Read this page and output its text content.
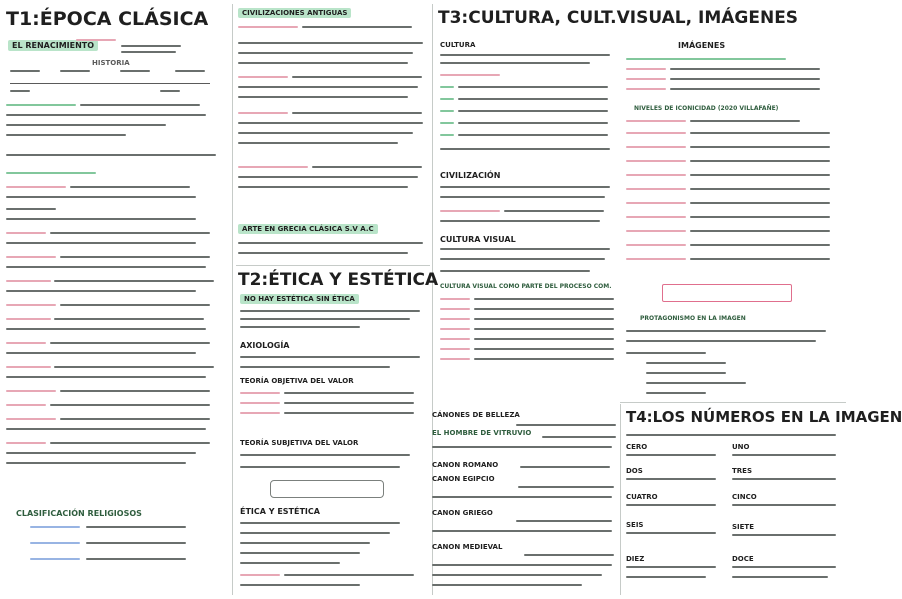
T1:ÉPOCA CLÁSICA
EL RENACIMIENTO
HISTORIA
CLASIFICACIÓN RELIGIOSOS
CIVILIZACIONES ANTIGUAS
ARTE EN GRECIA CLÁSICA S.V A.C
T2:ÉTICA Y ESTÉTICA
NO HAY ESTÉTICA SIN ÉTICA
AXIOLOGÍA
TEORÍA OBJETIVA DEL VALOR
TEORÍA SUBJETIVA DEL VALOR
ÉTICA Y ESTÉTICA
T3:CULTURA, CULT.VISUAL, IMÁGENES
CULTURA
CIVILIZACIÓN
CULTURA VISUAL
CULTURA VISUAL COMO PARTE DEL PROCESO COM.
IMÁGENES
NIVELES DE ICONICIDAD (2020 VILLAFAÑE)
PROTAGONISMO EN LA IMAGEN
CÁNONES DE BELLEZA
EL HOMBRE DE VITRUVIO
CANON ROMANO
CANON EGIPCIO
CANON GRIEGO
CANON MEDIEVAL
T4:LOS NÚMEROS EN LA IMAGEN
CERO
DOS
CUATRO
SEIS
DIEZ
UNO
TRES
CINCO
SIETE
DOCE
